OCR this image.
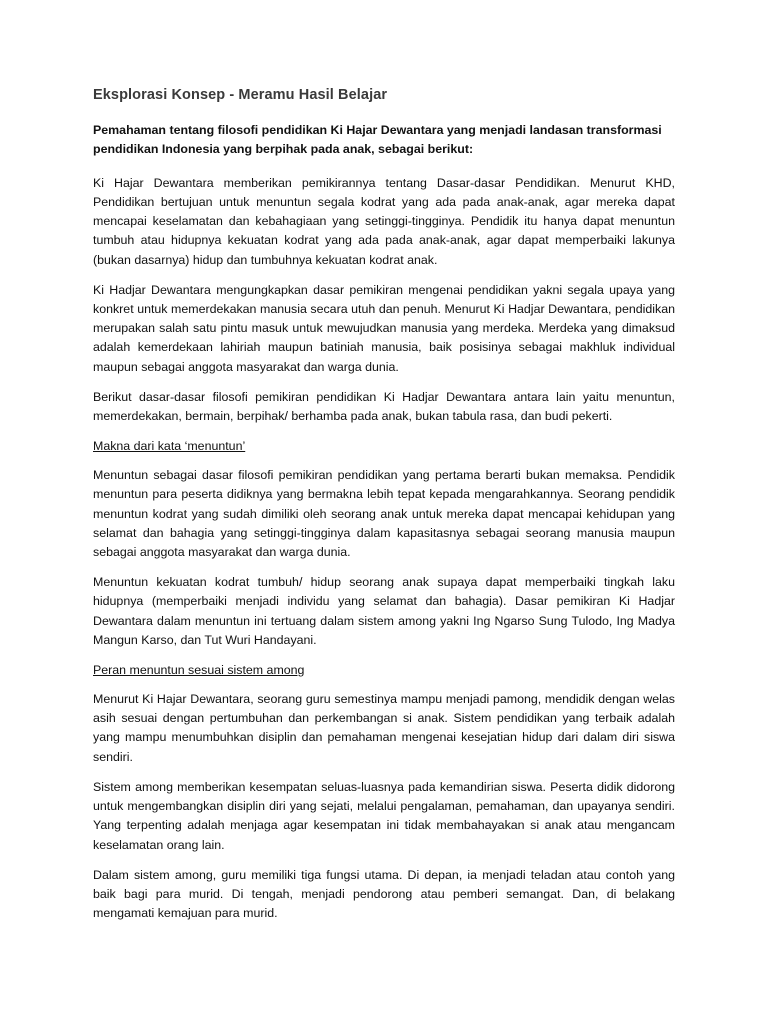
Eksplorasi Konsep - Meramu Hasil Belajar

Pemahaman tentang filosofi pendidikan Ki Hajar Dewantara yang menjadi landasan transformasi pendidikan Indonesia yang berpihak pada anak, sebagai berikut:

Ki Hajar Dewantara memberikan pemikirannya tentang Dasar-dasar Pendidikan. Menurut KHD, Pendidikan bertujuan untuk menuntun segala kodrat yang ada pada anak-anak, agar mereka dapat mencapai keselamatan dan kebahagiaan yang setinggi-tingginya. Pendidik itu hanya dapat menuntun tumbuh atau hidupnya kekuatan kodrat yang ada pada anak-anak, agar dapat memperbaiki lakunya (bukan dasarnya) hidup dan tumbuhnya kekuatan kodrat anak.

Ki Hadjar Dewantara mengungkapkan dasar pemikiran mengenai pendidikan yakni segala upaya yang konkret untuk memerdekakan manusia secara utuh dan penuh. Menurut Ki Hadjar Dewantara, pendidikan merupakan salah satu pintu masuk untuk mewujudkan manusia yang merdeka. Merdeka yang dimaksud adalah kemerdekaan lahiriah maupun batiniah manusia, baik posisinya sebagai makhluk individual maupun sebagai anggota masyarakat dan warga dunia.

Berikut dasar-dasar filosofi pemikiran pendidikan Ki Hadjar Dewantara antara lain yaitu menuntun, memerdekakan, bermain, berpihak/ berhamba pada anak, bukan tabula rasa, dan budi pekerti.

Makna dari kata ‘menuntun’

Menuntun sebagai dasar filosofi pemikiran pendidikan yang pertama berarti bukan memaksa. Pendidik menuntun para peserta didiknya yang bermakna lebih tepat kepada mengarahkannya. Seorang pendidik menuntun kodrat yang sudah dimiliki oleh seorang anak untuk mereka dapat mencapai kehidupan yang selamat dan bahagia yang setinggi-tingginya dalam kapasitasnya sebagai seorang manusia maupun sebagai anggota masyarakat dan warga dunia.

Menuntun kekuatan kodrat tumbuh/ hidup seorang anak supaya dapat memperbaiki tingkah laku hidupnya (memperbaiki menjadi individu yang selamat dan bahagia). Dasar pemikiran Ki Hadjar Dewantara dalam menuntun ini tertuang dalam sistem among yakni Ing Ngarso Sung Tulodo, Ing Madya Mangun Karso, dan Tut Wuri Handayani.

Peran menuntun sesuai sistem among

Menurut Ki Hajar Dewantara, seorang guru semestinya mampu menjadi pamong, mendidik dengan welas asih sesuai dengan pertumbuhan dan perkembangan si anak. Sistem pendidikan yang terbaik adalah yang mampu menumbuhkan disiplin dan pemahaman mengenai kesejatian hidup dari dalam diri siswa sendiri.

Sistem among memberikan kesempatan seluas-luasnya pada kemandirian siswa. Peserta didik didorong untuk mengembangkan disiplin diri yang sejati, melalui pengalaman, pemahaman, dan upayanya sendiri. Yang terpenting adalah menjaga agar kesempatan ini tidak membahayakan si anak atau mengancam keselamatan orang lain.

Dalam sistem among, guru memiliki tiga fungsi utama. Di depan, ia menjadi teladan atau contoh yang baik bagi para murid. Di tengah, menjadi pendorong atau pemberi semangat. Dan, di belakang mengamati kemajuan para murid.
